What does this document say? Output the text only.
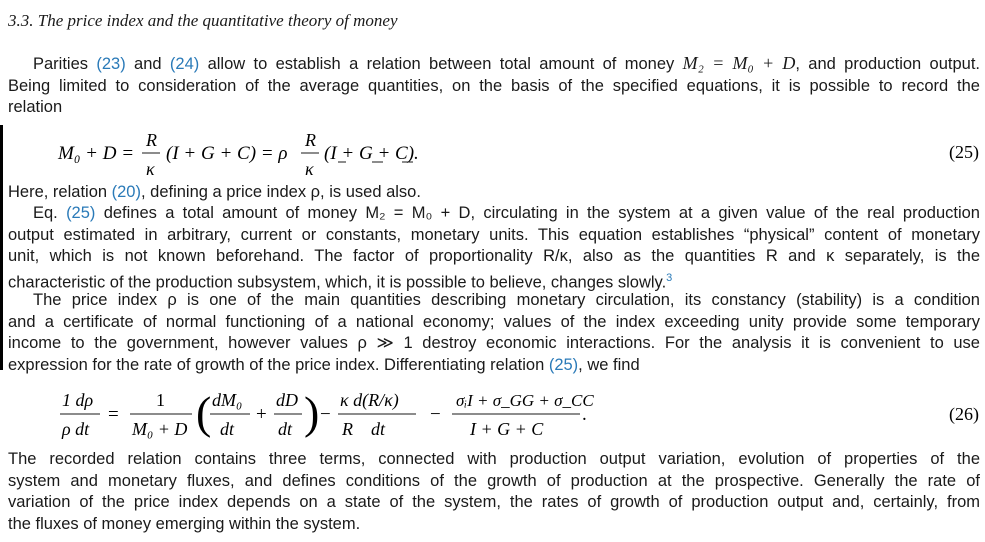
3.3. The price index and the quantitative theory of money
Parities (23) and (24) allow to establish a relation between total amount of money M₂ = M₀ + D, and production output.
Being limited to consideration of the average quantities, on the basis of the specified equations, it is possible to record the
relation
M₀ + D =
R
κ
(I + G + C) = ρ
R
κ
(I + G + C).	(25)
Here, relation (20), defining a price index ρ, is used also.
Eq. (25) defines a total amount of money M₂ = M₀ + D, circulating in the system at a given value of the real production
output estimated in arbitrary, current or constants, monetary units. This equation establishes “physical” content of monetary
unit, which is not known beforehand. The factor of proportionality R/κ, also as the quantities R and κ separately, is the
characteristic of the production subsystem, which, it is possible to believe, changes slowly.$^3$
The price index ρ is one of the main quantities describing monetary circulation, its constancy (stability) is a condition
and a certificate of normal functioning of a national economy; values of the index exceeding unity provide some temporary
income to the government, however values ρ ≫ 1 destroy economic interactions. For the analysis it is convenient to use
expression for the rate of growth of the price index. Differentiating relation (25), we find
1 dρ
ρ dt
=
1
M₀ + D ( dM₀
dt
+
dD
dt ) −
κ d(R/κ)
R    dt
−
σᵢI + σ_GG + σ_CC
I + G + C
.	(26)
The recorded relation contains three terms, connected with production output variation, evolution of properties of the
system and monetary fluxes, and defines conditions of the growth of production at the prospective. Generally the rate of
variation of the price index depends on a state of the system, the rates of growth of production output and, certainly, from
the fluxes of money emerging within the system.
